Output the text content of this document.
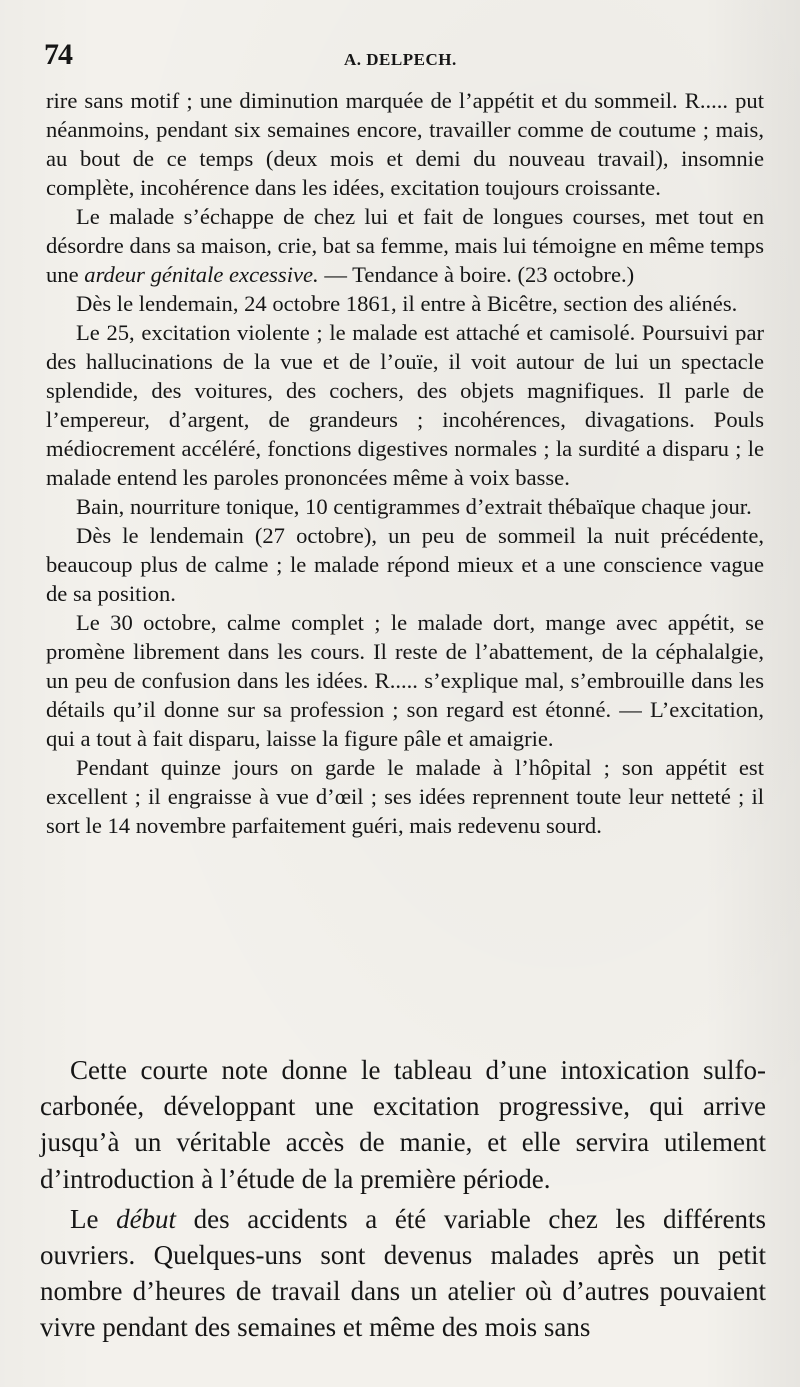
74	A. DELPECH.

rire sans motif ; une diminution marquée de l’appétit et du sommeil. R..... put néanmoins, pendant six semaines encore, travailler comme de coutume ; mais, au bout de ce temps (deux mois et demi du nouveau travail), insomnie complète, incohérence dans les idées, excitation toujours croissante.

Le malade s’échappe de chez lui et fait de longues courses, met tout en désordre dans sa maison, crie, bat sa femme, mais lui témoigne en même temps une ardeur génitale excessive. — Tendance à boire. (23 octobre.)

Dès le lendemain, 24 octobre 1861, il entre à Bicêtre, section des aliénés.

Le 25, excitation violente ; le malade est attaché et camisolé. Poursuivi par des hallucinations de la vue et de l’ouïe, il voit autour de lui un spectacle splendide, des voitures, des cochers, des objets magnifiques. Il parle de l’empereur, d’argent, de grandeurs ; incohérences, divagations. Pouls médiocrement accéléré, fonctions digestives normales ; la surdité a disparu ; le malade entend les paroles prononcées même à voix basse.

Bain, nourriture tonique, 10 centigrammes d’extrait thébaïque chaque jour.

Dès le lendemain (27 octobre), un peu de sommeil la nuit précédente, beaucoup plus de calme ; le malade répond mieux et a une conscience vague de sa position.

Le 30 octobre, calme complet ; le malade dort, mange avec appétit, se promène librement dans les cours. Il reste de l’abattement, de la céphalalgie, un peu de confusion dans les idées. R..... s’explique mal, s’embrouille dans les détails qu’il donne sur sa profession ; son regard est étonné. — L’excitation, qui a tout à fait disparu, laisse la figure pâle et amaigrie.

Pendant quinze jours on garde le malade à l’hôpital ; son appétit est excellent ; il engraisse à vue d’œil ; ses idées reprennent toute leur netteté ; il sort le 14 novembre parfaitement guéri, mais redevenu sourd.

Cette courte note donne le tableau d’une intoxication sulfo-carbonée, développant une excitation progressive, qui arrive jusqu’à un véritable accès de manie, et elle servira utilement d’introduction à l’étude de la première période.

Le début des accidents a été variable chez les différents ouvriers. Quelques-uns sont devenus malades après un petit nombre d’heures de travail dans un atelier où d’autres pouvaient vivre pendant des semaines et même des mois sans
